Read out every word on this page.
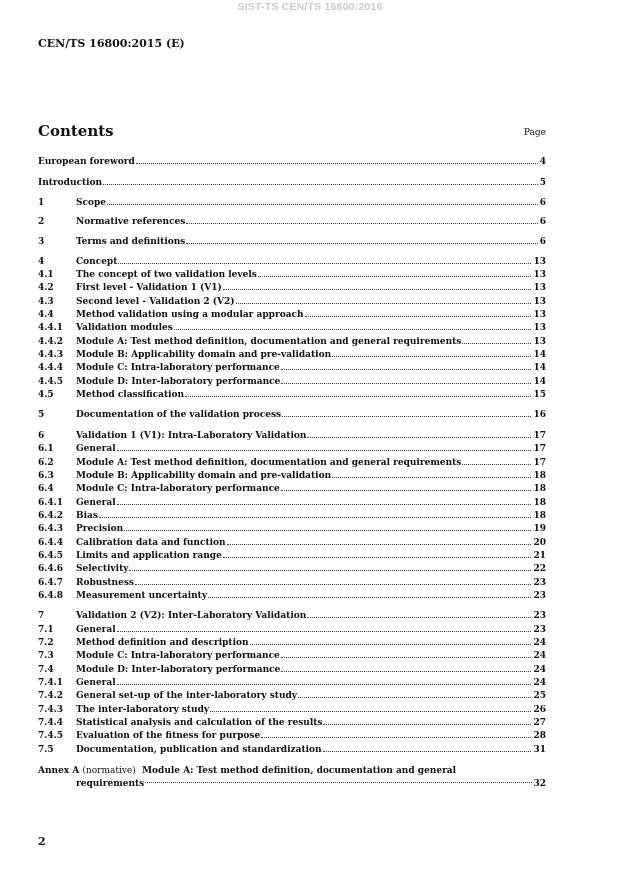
SIST-TS CEN/TS 16800:2016
CEN/TS 16800:2015 (E)
Contents	Page
European foreword	4
Introduction	5
1	Scope	6
2	Normative references	6
3	Terms and definitions	6
4	Concept	13
4.1	The concept of two validation levels	13
4.2	First level - Validation 1 (V1)	13
4.3	Second level - Validation 2 (V2)	13
4.4	Method validation using a modular approach	13
4.4.1	Validation modules	13
4.4.2	Module A: Test method definition, documentation and general requirements	13
4.4.3	Module B: Applicability domain and pre-validation	14
4.4.4	Module C: Intra-laboratory performance	14
4.4.5	Module D: Inter-laboratory performance	14
4.5	Method classification	15
5	Documentation of the validation process	16
6	Validation 1 (V1): Intra-Laboratory Validation	17
6.1	General	17
6.2	Module A: Test method definition, documentation and general requirements	17
6.3	Module B: Applicability domain and pre-validation	18
6.4	Module C: Intra-laboratory performance	18
6.4.1	General	18
6.4.2	Bias	18
6.4.3	Precision	19
6.4.4	Calibration data and function	20
6.4.5	Limits and application range	21
6.4.6	Selectivity	22
6.4.7	Robustness	23
6.4.8	Measurement uncertainty	23
7	Validation 2 (V2): Inter-Laboratory Validation	23
7.1	General	23
7.2	Method definition and description	24
7.3	Module C: Intra-laboratory performance	24
7.4	Module D: Inter-laboratory performance	24
7.4.1	General	24
7.4.2	General set-up of the inter-laboratory study	25
7.4.3	The inter-laboratory study	26
7.4.4	Statistical analysis and calculation of the results	27
7.4.5	Evaluation of the fitness for purpose	28
7.5	Documentation, publication and standardization	31
Annex A (normative) Module A: Test method definition, documentation and general
requirements	32
2
